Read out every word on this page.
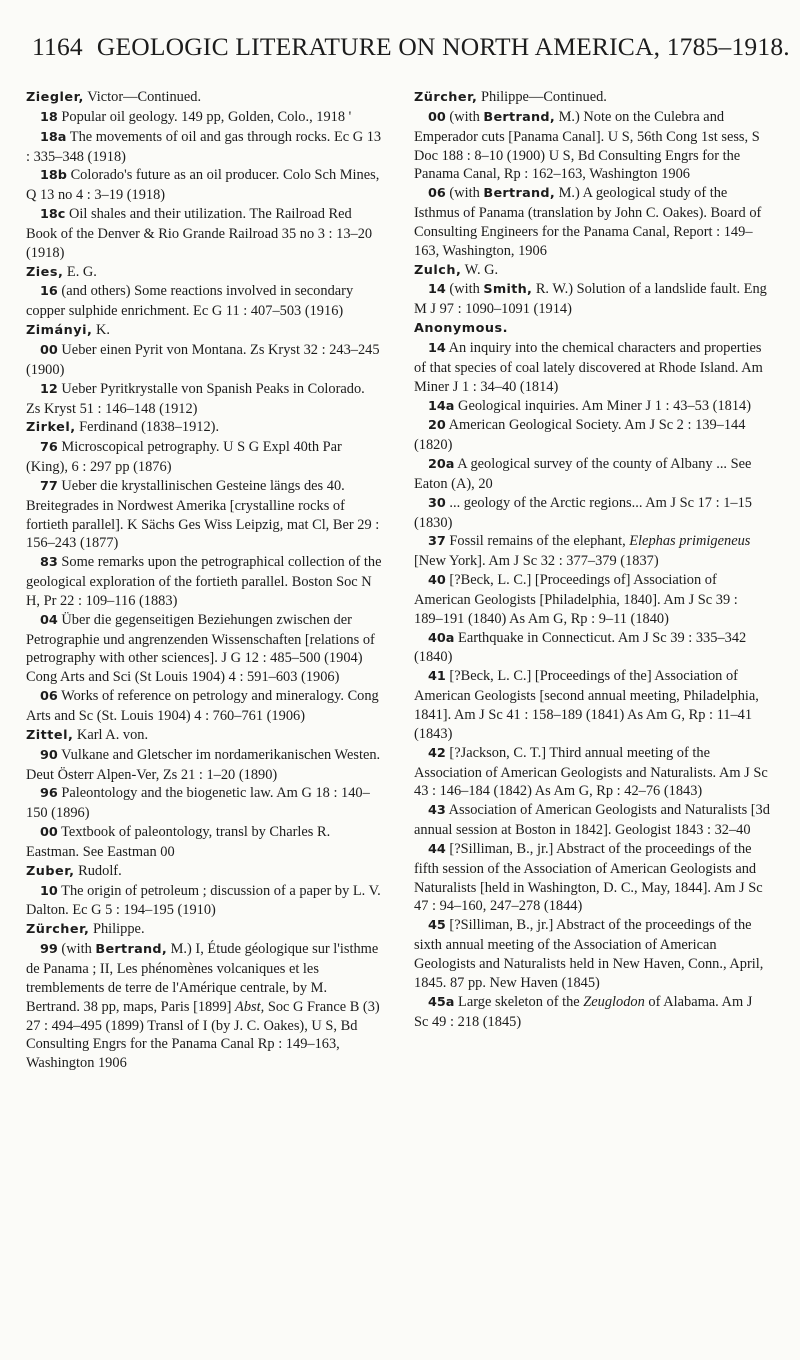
1164 GEOLOGIC LITERATURE ON NORTH AMERICA, 1785–1918.

Ziegler, Victor—Continued.

18 Popular oil geology. 149 pp, Golden, Colo., 1918 '

18a The movements of oil and gas through rocks. Ec G 13 : 335–348 (1918)

18b Colorado's future as an oil producer. Colo Sch Mines, Q 13 no 4 : 3–19 (1918)

18c Oil shales and their utilization. The Railroad Red Book of the Denver & Rio Grande Railroad 35 no 3 : 13–20 (1918)

Zies, E. G.

16 (and others) Some reactions involved in secondary copper sulphide enrichment. Ec G 11 : 407–503 (1916)

Zimányi, K.

00 Ueber einen Pyrit von Montana. Zs Kryst 32 : 243–245 (1900)

12 Ueber Pyritkrystalle von Spanish Peaks in Colorado. Zs Kryst 51 : 146–148 (1912)

Zirkel, Ferdinand (1838–1912).

76 Microscopical petrography. U S G Expl 40th Par (King), 6 : 297 pp (1876)

77 Ueber die krystallinischen Gesteine längs des 40. Breitegrades in Nordwest Amerika [crystalline rocks of fortieth parallel]. K Sächs Ges Wiss Leipzig, mat Cl, Ber 29 : 156–243 (1877)

83 Some remarks upon the petrographical collection of the geological exploration of the fortieth parallel. Boston Soc N H, Pr 22 : 109–116 (1883)

04 Über die gegenseitigen Beziehungen zwischen der Petrographie und angrenzenden Wissenschaften [relations of petrography with other sciences]. J G 12 : 485–500 (1904) Cong Arts and Sci (St Louis 1904) 4 : 591–603 (1906)

06 Works of reference on petrology and mineralogy. Cong Arts and Sc (St. Louis 1904) 4 : 760–761 (1906)

Zittel, Karl A. von.

90 Vulkane and Gletscher im nordamerikanischen Westen. Deut Österr Alpen-Ver, Zs 21 : 1–20 (1890)

96 Paleontology and the biogenetic law. Am G 18 : 140–150 (1896)

00 Textbook of paleontology, transl by Charles R. Eastman. See Eastman 00

Zuber, Rudolf.

10 The origin of petroleum ; discussion of a paper by L. V. Dalton. Ec G 5 : 194–195 (1910)

Zürcher, Philippe.

99 (with Bertrand, M.) I, Étude géologique sur l'isthme de Panama ; II, Les phénomènes volcaniques et les tremblements de terre de l'Amérique centrale, by M. Bertrand. 38 pp, maps, Paris [1899] Abst, Soc G France B (3) 27 : 494–495 (1899) Transl of I (by J. C. Oakes), U S, Bd Consulting Engrs for the Panama Canal Rp : 149–163, Washington 1906

Zürcher, Philippe—Continued.

00 (with Bertrand, M.) Note on the Culebra and Emperador cuts [Panama Canal]. U S, 56th Cong 1st sess, S Doc 188 : 8–10 (1900) U S, Bd Consulting Engrs for the Panama Canal, Rp : 162–163, Washington 1906

06 (with Bertrand, M.) A geological study of the Isthmus of Panama (translation by John C. Oakes). Board of Consulting Engineers for the Panama Canal, Report : 149–163, Washington, 1906

Zulch, W. G.

14 (with Smith, R. W.) Solution of a landslide fault. Eng M J 97 : 1090–1091 (1914)

Anonymous.

14 An inquiry into the chemical characters and properties of that species of coal lately discovered at Rhode Island. Am Miner J 1 : 34–40 (1814)

14a Geological inquiries. Am Miner J 1 : 43–53 (1814)

20 American Geological Society. Am J Sc 2 : 139–144 (1820)

20a A geological survey of the county of Albany ... See Eaton (A), 20

30 ... geology of the Arctic regions... Am J Sc 17 : 1–15 (1830)

37 Fossil remains of the elephant, Elephas primigeneus [New York]. Am J Sc 32 : 377–379 (1837)

40 [?Beck, L. C.] [Proceedings of] Association of American Geologists [Philadelphia, 1840]. Am J Sc 39 : 189–191 (1840) As Am G, Rp : 9–11 (1840)

40a Earthquake in Connecticut. Am J Sc 39 : 335–342 (1840)

41 [?Beck, L. C.] [Proceedings of the] Association of American Geologists [second annual meeting, Philadelphia, 1841]. Am J Sc 41 : 158–189 (1841) As Am G, Rp : 11–41 (1843)

42 [?Jackson, C. T.] Third annual meeting of the Association of American Geologists and Naturalists. Am J Sc 43 : 146–184 (1842) As Am G, Rp : 42–76 (1843)

43 Association of American Geologists and Naturalists [3d annual session at Boston in 1842]. Geologist 1843 : 32–40

44 [?Silliman, B., jr.] Abstract of the proceedings of the fifth session of the Association of American Geologists and Naturalists [held in Washington, D. C., May, 1844]. Am J Sc 47 : 94–160, 247–278 (1844)

45 [?Silliman, B., jr.] Abstract of the proceedings of the sixth annual meeting of the Association of American Geologists and Naturalists held in New Haven, Conn., April, 1845. 87 pp. New Haven (1845)

45a Large skeleton of the Zeuglodon of Alabama. Am J Sc 49 : 218 (1845)
